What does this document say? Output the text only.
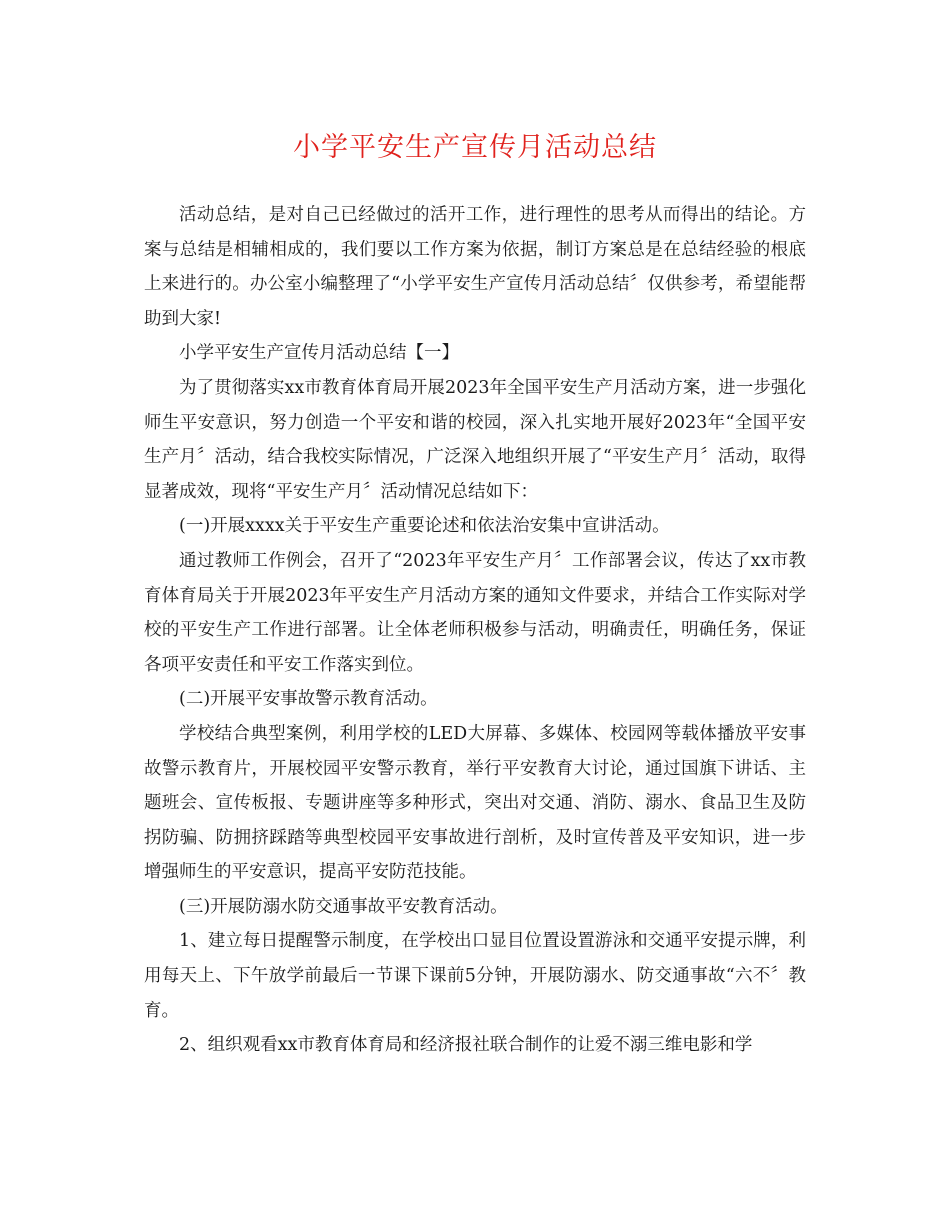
小学平安生产宣传月活动总结

活动总结，是对自己已经做过的活开工作，进行理性的思考从而得出的结论。方案与总结是相辅相成的，我们要以工作方案为依据，制订方案总是在总结经验的根底上来进行的。办公室小编整理了“小学平安生产宣传月活动总结〞仅供参考，希望能帮助到大家!

小学平安生产宣传月活动总结【一】

为了贯彻落实xx市教育体育局开展2023年全国平安生产月活动方案，进一步强化师生平安意识，努力创造一个平安和谐的校园，深入扎实地开展好2023年“全国平安生产月〞活动，结合我校实际情况，广泛深入地组织开展了“平安生产月〞活动，取得显著成效，现将“平安生产月〞活动情况总结如下：

(一)开展xxxx关于平安生产重要论述和依法治安集中宣讲活动。

通过教师工作例会，召开了“2023年平安生产月〞工作部署会议，传达了xx市教育体育局关于开展2023年平安生产月活动方案的通知文件要求，并结合工作实际对学校的平安生产工作进行部署。让全体老师积极参与活动，明确责任，明确任务，保证各项平安责任和平安工作落实到位。

(二)开展平安事故警示教育活动。

学校结合典型案例，利用学校的LED大屏幕、多媒体、校园网等载体播放平安事故警示教育片，开展校园平安警示教育，举行平安教育大讨论，通过国旗下讲话、主题班会、宣传板报、专题讲座等多种形式，突出对交通、消防、溺水、食品卫生及防拐防骗、防拥挤踩踏等典型校园平安事故进行剖析，及时宣传普及平安知识，进一步增强师生的平安意识，提高平安防范技能。

(三)开展防溺水防交通事故平安教育活动。

1、建立每日提醒警示制度，在学校出口显目位置设置游泳和交通平安提示牌，利用每天上、下午放学前最后一节课下课前5分钟，开展防溺水、防交通事故“六不〞教育。

2、组织观看xx市教育体育局和经济报社联合制作的让爱不溺三维电影和学
